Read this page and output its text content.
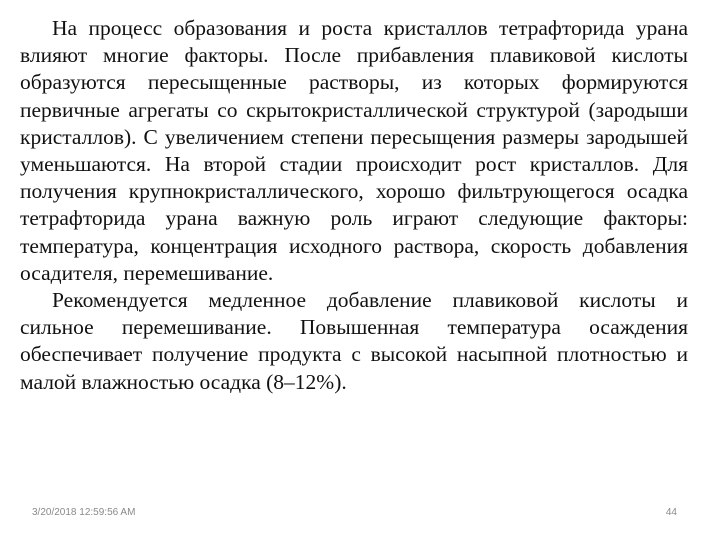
На процесс образования и роста кристаллов тетрафторида урана влияют многие факторы. После прибавления плавиковой кислоты образуются пересыщенные растворы, из которых формируются первичные агрегаты со скрытокристаллической структурой (зародыши кристаллов). С увеличением степени пересыщения размеры зародышей уменьшаются. На второй стадии происходит рост кристаллов. Для получения крупнокристаллического, хорошо фильтрующегося осадка тетрафторида урана важную роль играют следующие факторы: температура, концентрация исходного раствора, скорость добавления осадителя, перемешивание.

Рекомендуется медленное добавление плавиковой кислоты и сильное перемешивание. Повышенная температура осаждения обеспечивает получение продукта с высокой насыпной плотностью и малой влажностью осадка (8–12%).

3/20/2018 12:59:56 AM	44
